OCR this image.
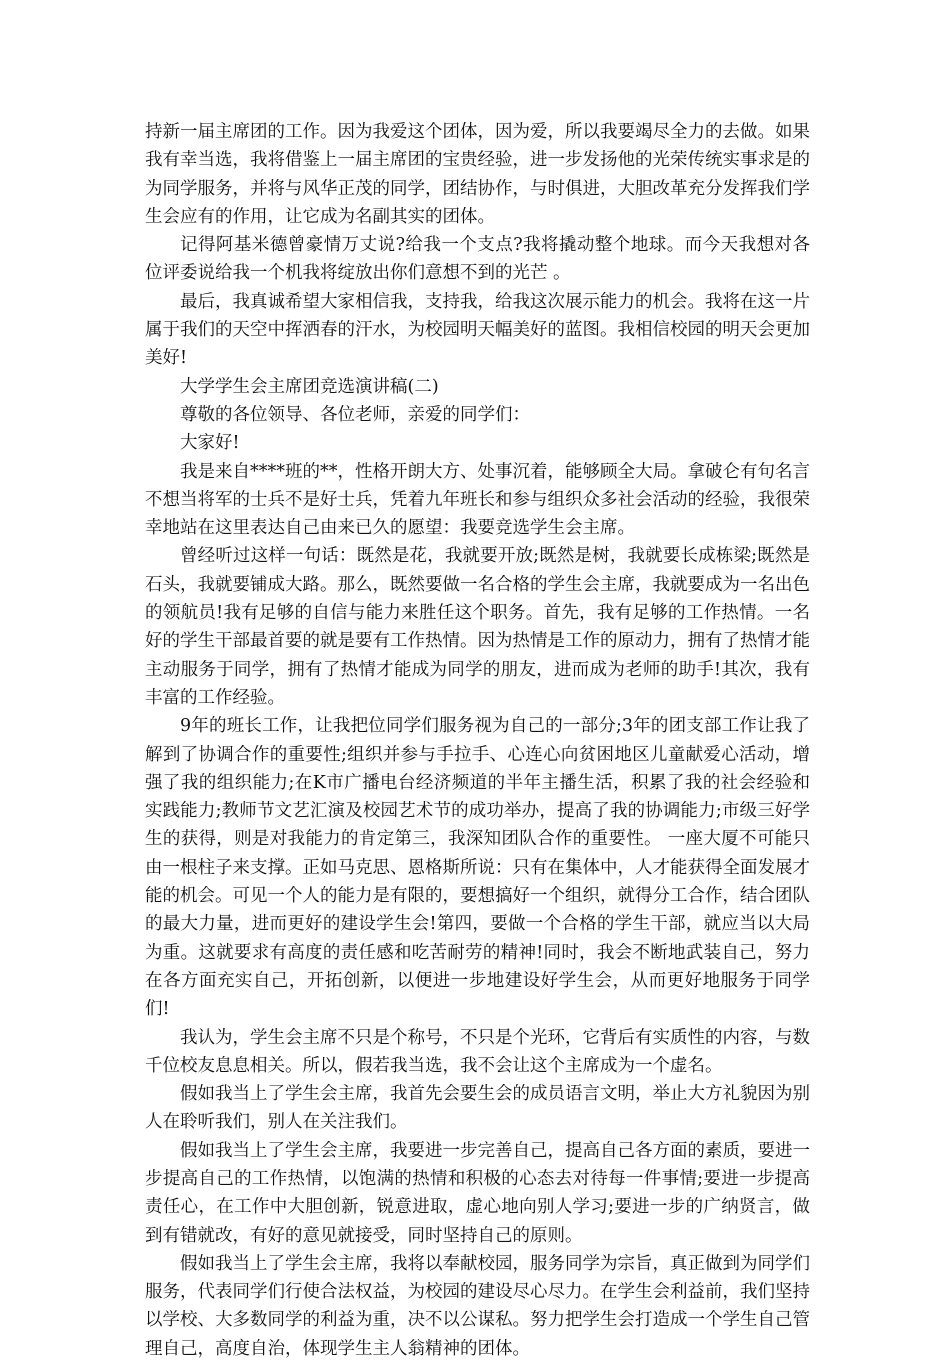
持新一届主席团的工作。因为我爱这个团体，因为爱，所以我要竭尽全力的去做。如果我有幸当选，我将借鉴上一届主席团的宝贵经验，进一步发扬他的光荣传统实事求是的为同学服务，并将与风华正茂的同学，团结协作，与时俱进，大胆改革充分发挥我们学生会应有的作用，让它成为名副其实的团体。

记得阿基米德曾豪情万丈说?给我一个支点?我将撬动整个地球。而今天我想对各位评委说给我一个机我将绽放出你们意想不到的光芒 。

最后，我真诚希望大家相信我，支持我，给我这次展示能力的机会。我将在这一片属于我们的天空中挥洒春的汗水，为校园明天幅美好的蓝图。我相信校园的明天会更加美好!

大学学生会主席团竞选演讲稿(二)

尊敬的各位领导、各位老师，亲爱的同学们：

大家好!

我是来自****班的**，性格开朗大方、处事沉着，能够顾全大局。拿破仑有句名言不想当将军的士兵不是好士兵，凭着九年班长和参与组织众多社会活动的经验，我很荣幸地站在这里表达自己由来已久的愿望：我要竞选学生会主席。

曾经听过这样一句话：既然是花，我就要开放;既然是树，我就要长成栋梁;既然是石头，我就要铺成大路。那么，既然要做一名合格的学生会主席，我就要成为一名出色的领航员!我有足够的自信与能力来胜任这个职务。首先，我有足够的工作热情。一名好的学生干部最首要的就是要有工作热情。因为热情是工作的原动力，拥有了热情才能主动服务于同学，拥有了热情才能成为同学的朋友，进而成为老师的助手!其次，我有丰富的工作经验。

9年的班长工作，让我把位同学们服务视为自己的一部分;3年的团支部工作让我了解到了协调合作的重要性;组织并参与手拉手、心连心向贫困地区儿童献爱心活动，增强了我的组织能力;在K市广播电台经济频道的半年主播生活，积累了我的社会经验和实践能力;教师节文艺汇演及校园艺术节的成功举办，提高了我的协调能力;市级三好学生的获得，则是对我能力的肯定第三，我深知团队合作的重要性。 一座大厦不可能只由一根柱子来支撑。正如马克思、恩格斯所说：只有在集体中，人才能获得全面发展才能的机会。可见一个人的能力是有限的，要想搞好一个组织，就得分工合作，结合团队的最大力量，进而更好的建设学生会!第四，要做一个合格的学生干部，就应当以大局为重。这就要求有高度的责任感和吃苦耐劳的精神!同时，我会不断地武装自己，努力在各方面充实自己，开拓创新，以便进一步地建设好学生会，从而更好地服务于同学们!

我认为，学生会主席不只是个称号，不只是个光环，它背后有实质性的内容，与数千位校友息息相关。所以，假若我当选，我不会让这个主席成为一个虚名。

假如我当上了学生会主席，我首先会要生会的成员语言文明，举止大方礼貌因为别人在聆听我们，别人在关注我们。

假如我当上了学生会主席，我要进一步完善自己，提高自己各方面的素质，要进一步提高自己的工作热情，以饱满的热情和积极的心态去对待每一件事情;要进一步提高责任心，在工作中大胆创新，锐意进取，虚心地向别人学习;要进一步的广纳贤言，做到有错就改，有好的意见就接受，同时坚持自己的原则。

假如我当上了学生会主席，我将以奉献校园，服务同学为宗旨，真正做到为同学们服务，代表同学们行使合法权益，为校园的建设尽心尽力。在学生会利益前，我们坚持以学校、大多数同学的利益为重，决不以公谋私。努力把学生会打造成一个学生自己管理自己，高度自治，体现学生主人翁精神的团体。
